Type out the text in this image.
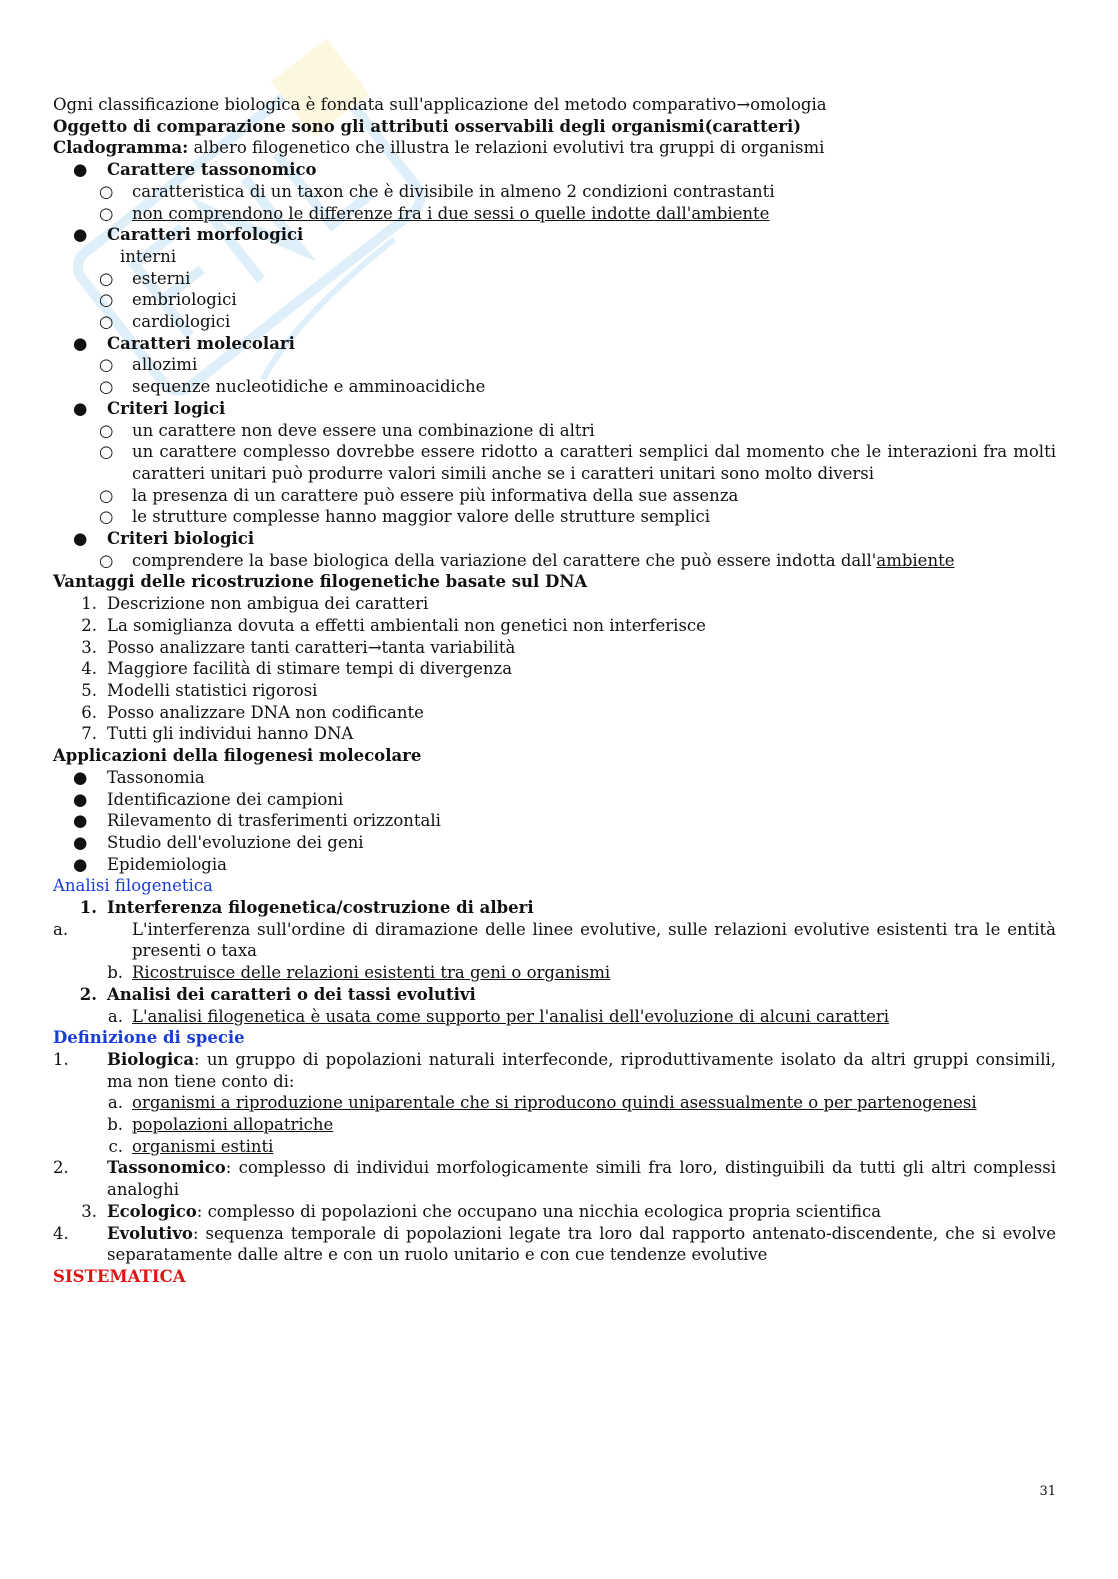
Ogni classificazione biologica è fondata sull'applicazione del metodo comparativo→omologia
Oggetto di comparazione sono gli attributi osservabili degli organismi(caratteri)
Cladogramma: albero filogenetico che illustra le relazioni evolutivi tra gruppi di organismi
● Carattere tassonomico
○ caratteristica di un taxon che è divisibile in almeno 2 condizioni contrastanti
○ non comprendono le differenze fra i due sessi o quelle indotte dall'ambiente
● Caratteri morfologici
interni
○ esterni
○ embriologici
○ cardiologici
● Caratteri molecolari
○ allozimi
○ sequenze nucleotidiche e amminoacidiche
● Criteri logici
○ un carattere non deve essere una combinazione di altri
○ un carattere complesso dovrebbe essere ridotto a caratteri semplici dal momento che le interazioni fra molti caratteri unitari può produrre valori simili anche se i caratteri unitari sono molto diversi
○ la presenza di un carattere può essere più informativa della sue assenza
○ le strutture complesse hanno maggior valore delle strutture semplici
● Criteri biologici
○ comprendere la base biologica della variazione del carattere che può essere indotta dall'ambiente
Vantaggi delle ricostruzione filogenetiche basate sul DNA
1. Descrizione non ambigua dei caratteri
2. La somiglianza dovuta a effetti ambientali non genetici non interferisce
3. Posso analizzare tanti caratteri→tanta variabilità
4. Maggiore facilità di stimare tempi di divergenza
5. Modelli statistici rigorosi
6. Posso analizzare DNA non codificante
7. Tutti gli individui hanno DNA
Applicazioni della filogenesi molecolare
● Tassonomia
● Identificazione dei campioni
● Rilevamento di trasferimenti orizzontali
● Studio dell'evoluzione dei geni
● Epidemiologia
Analisi filogenetica
1. Interferenza filogenetica/costruzione di alberi
a.	L'interferenza sull'ordine di diramazione delle linee evolutive, sulle relazioni evolutive esistenti tra le entità
presenti o taxa
b. Ricostruisce delle relazioni esistenti tra geni o organismi
2. Analisi dei caratteri o dei tassi evolutivi
a. L'analisi filogenetica è usata come supporto per l'analisi dell'evoluzione di alcuni caratteri
Definizione di specie
1.	Biologica: un gruppo di popolazioni naturali interfeconde, riproduttivamente isolato da altri gruppi consimili, ma non tiene conto di:
a. organismi a riproduzione uniparentale che si riproducono quindi asessualmente o per partenogenesi
b. popolazioni allopatriche
c. organismi estinti
2.	Tassonomico: complesso di individui morfologicamente simili fra loro, distinguibili da tutti gli altri complessi analoghi
3. Ecologico: complesso di popolazioni che occupano una nicchia ecologica propria scientifica
4.	Evolutivo: sequenza temporale di popolazioni legate tra loro dal rapporto antenato-discendente, che si evolve separatamente dalle altre e con un ruolo unitario e con cue tendenze evolutive
SISTEMATICA
31
